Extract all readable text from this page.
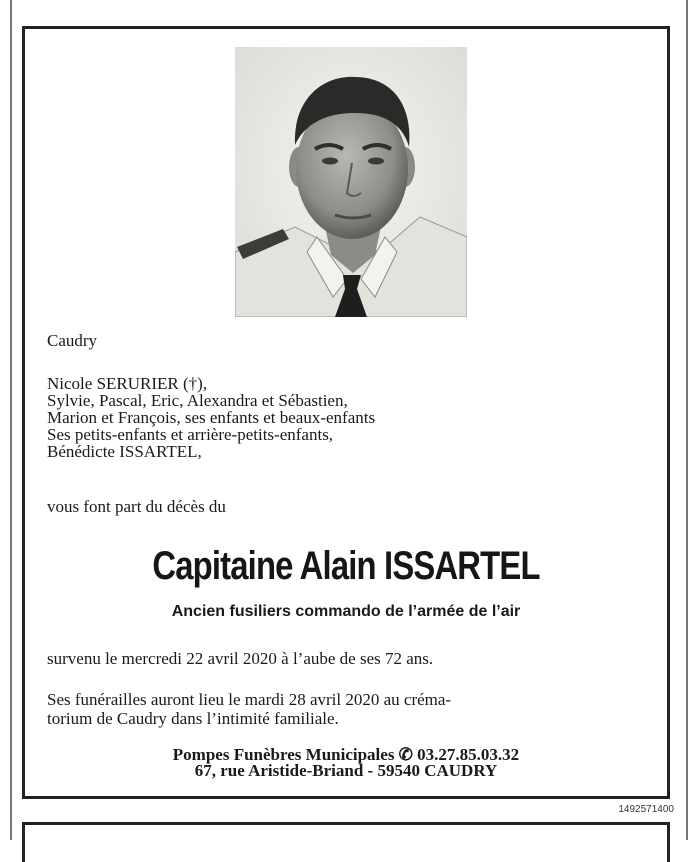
Caudry
Nicole SERURIER (†),
Sylvie, Pascal, Eric, Alexandra et Sébastien,
Marion et François, ses enfants et beaux-enfants
Ses petits-enfants et arrière-petits-enfants,
Bénédicte ISSARTEL,
vous font part du décès du
Capitaine Alain ISSARTEL
Ancien fusiliers commando de l’armée de l’air
survenu le mercredi 22 avril 2020 à l’aube de ses 72 ans.
Ses funérailles auront lieu le mardi 28 avril 2020 au créma-
torium de Caudry dans l’intimité familiale.
Pompes Funèbres Municipales ✆ 03.27.85.03.32
67, rue Aristide-Briand - 59540 CAUDRY
1492571400
